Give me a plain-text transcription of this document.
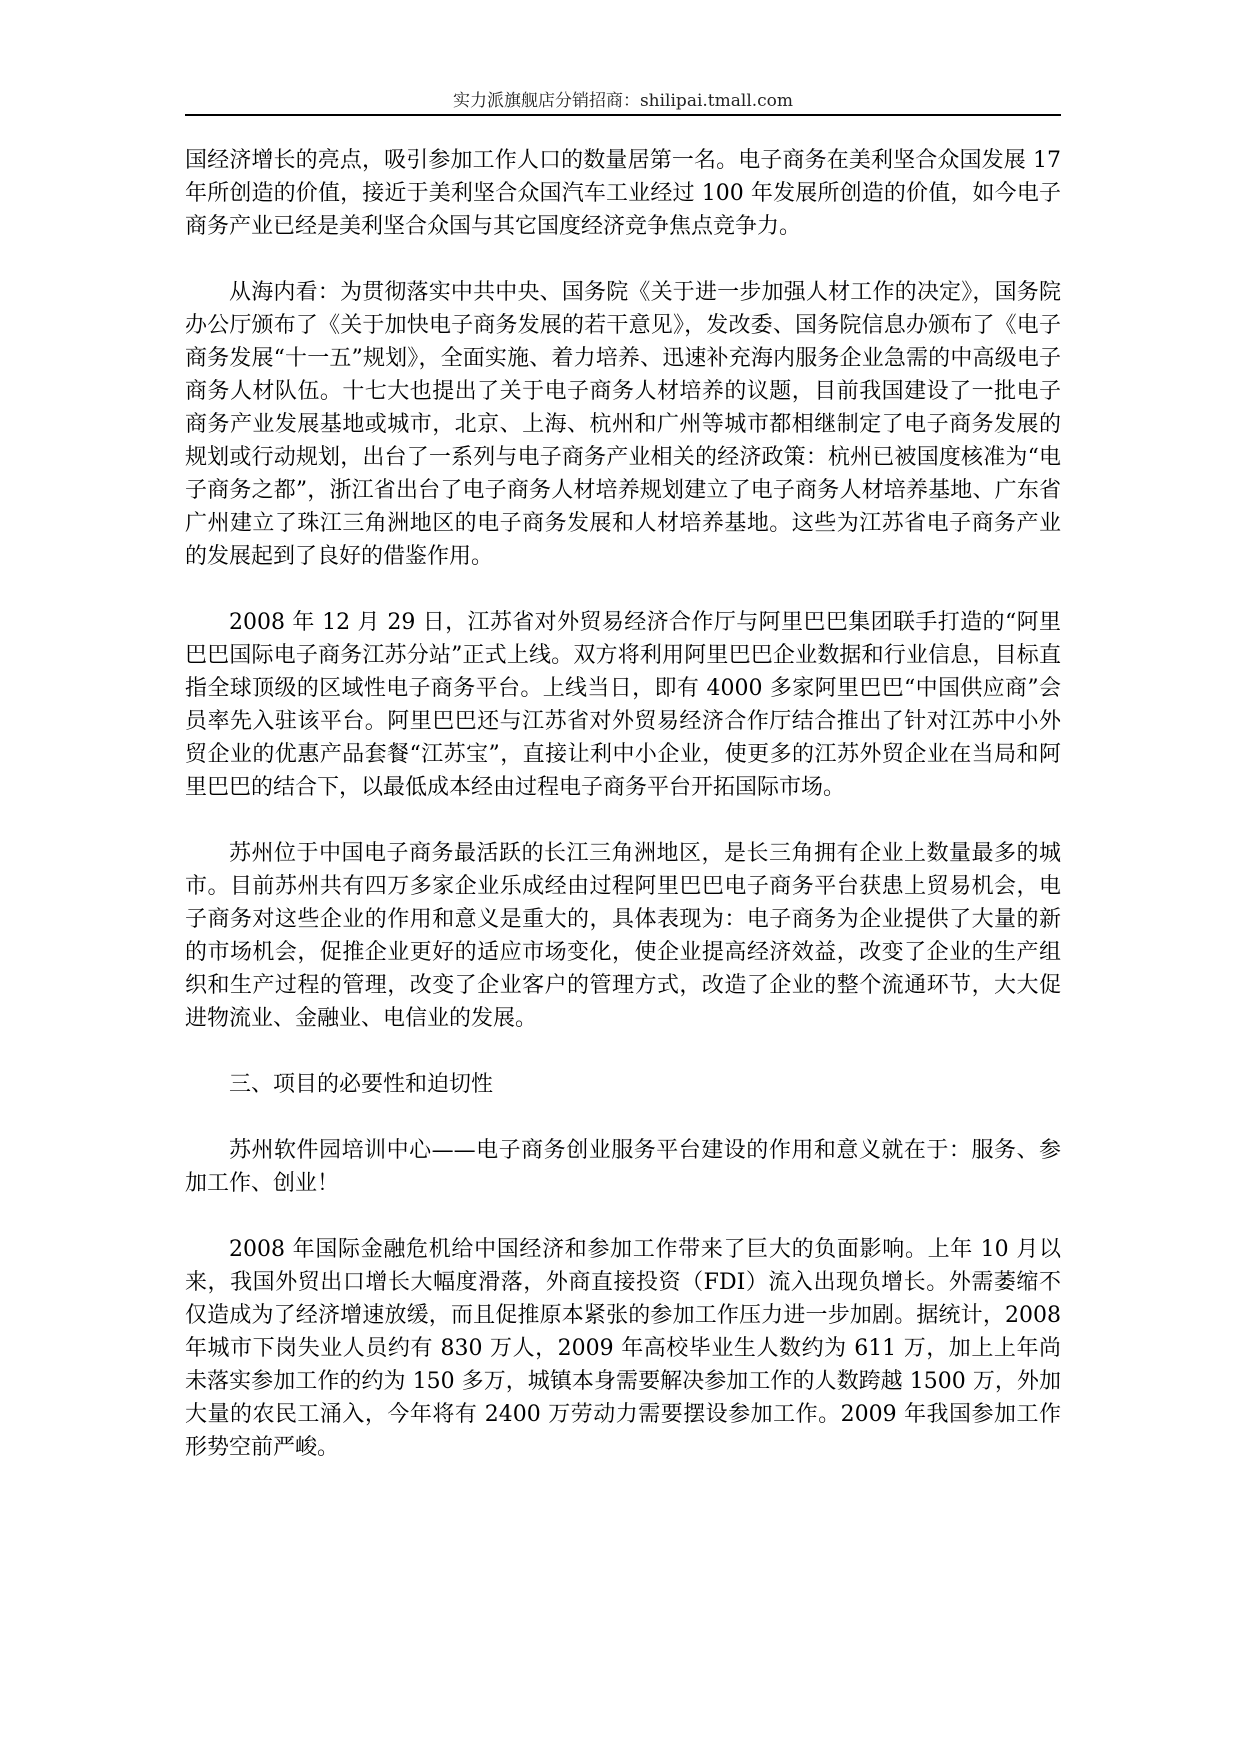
实力派旗舰店分销招商：shilipai.tmall.com

国经济增长的亮点，吸引参加工作人口的数量居第一名。电子商务在美利坚合众国发展 17 年所创造的价值，接近于美利坚合众国汽车工业经过 100 年发展所创造的价值，如今电子商务产业已经是美利坚合众国与其它国度经济竞争焦点竞争力。

从海内看：为贯彻落实中共中央、国务院《关于进一步加强人材工作的决定》，国务院办公厅颁布了《关于加快电子商务发展的若干意见》，发改委、国务院信息办颁布了《电子商务发展“十一五”规划》，全面实施、着力培养、迅速补充海内服务企业急需的中高级电子商务人材队伍。十七大也提出了关于电子商务人材培养的议题，目前我国建设了一批电子商务产业发展基地或城市，北京、上海、杭州和广州等城市都相继制定了电子商务发展的规划或行动规划，出台了一系列与电子商务产业相关的经济政策：杭州已被国度核准为“电子商务之都”，浙江省出台了电子商务人材培养规划建立了电子商务人材培养基地、广东省广州建立了珠江三角洲地区的电子商务发展和人材培养基地。这些为江苏省电子商务产业的发展起到了良好的借鉴作用。

2008 年 12 月 29 日，江苏省对外贸易经济合作厅与阿里巴巴集团联手打造的“阿里巴巴国际电子商务江苏分站”正式上线。双方将利用阿里巴巴企业数据和行业信息，目标直指全球顶级的区域性电子商务平台。上线当日，即有 4000 多家阿里巴巴“中国供应商”会员率先入驻该平台。阿里巴巴还与江苏省对外贸易经济合作厅结合推出了针对江苏中小外贸企业的优惠产品套餐“江苏宝”，直接让利中小企业，使更多的江苏外贸企业在当局和阿里巴巴的结合下，以最低成本经由过程电子商务平台开拓国际市场。

苏州位于中国电子商务最活跃的长江三角洲地区，是长三角拥有企业上数量最多的城市。目前苏州共有四万多家企业乐成经由过程阿里巴巴电子商务平台获患上贸易机会，电子商务对这些企业的作用和意义是重大的，具体表现为：电子商务为企业提供了大量的新的市场机会，促推企业更好的适应市场变化，使企业提高经济效益，改变了企业的生产组织和生产过程的管理，改变了企业客户的管理方式，改造了企业的整个流通环节，大大促进物流业、金融业、电信业的发展。

三、项目的必要性和迫切性

苏州软件园培训中心——电子商务创业服务平台建设的作用和意义就在于：服务、参加工作、创业！

2008 年国际金融危机给中国经济和参加工作带来了巨大的负面影响。上年 10 月以来，我国外贸出口增长大幅度滑落，外商直接投资（FDI）流入出现负增长。外需萎缩不仅造成为了经济增速放缓，而且促推原本紧张的参加工作压力进一步加剧。据统计，2008 年城市下岗失业人员约有 830 万人，2009 年高校毕业生人数约为 611 万，加上上年尚未落实参加工作的约为 150 多万，城镇本身需要解决参加工作的人数跨越 1500 万，外加大量的农民工涌入，今年将有 2400 万劳动力需要摆设参加工作。2009 年我国参加工作形势空前严峻。
